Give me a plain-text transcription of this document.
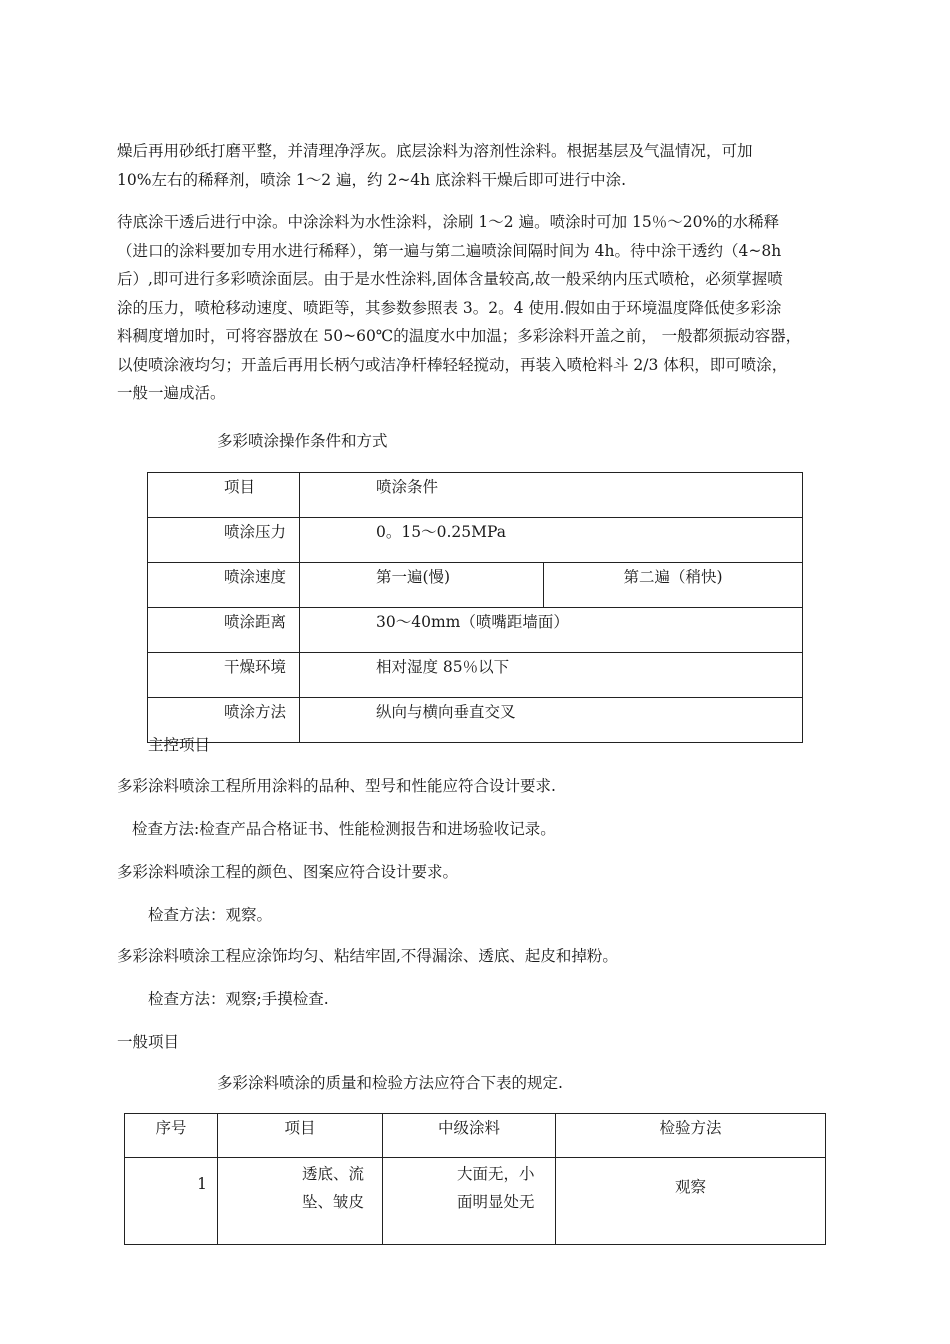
燥后再用砂纸打磨平整，并清理净浮灰。底层涂料为溶剂性涂料。根据基层及气温情况，可加
10%左右的稀释剂，喷涂 1～2 遍，约 2~4h 底涂料干燥后即可进行中涂.
待底涂干透后进行中涂。中涂涂料为水性涂料，涂刷 1～2 遍。喷涂时可加 15％～20%的水稀释
（进口的涂料要加专用水进行稀释），第一遍与第二遍喷涂间隔时间为 4h。待中涂干透约（4~8h
后）,即可进行多彩喷涂面层。由于是水性涂料,固体含量较高,故一般采纳内压式喷枪，必须掌握喷
涂的压力，喷枪移动速度、喷距等，其参数参照表 3。2。4 使用.假如由于环境温度降低使多彩涂
料稠度增加时，可将容器放在 50~60℃的温度水中加温；多彩涂料开盖之前， 一般都须振动容器，
以使喷涂液均匀；开盖后再用长柄勺或洁净杆棒轻轻搅动，再装入喷枪料斗 2/3 体积，即可喷涂，
一般一遍成活。
多彩喷涂操作条件和方式
项目	喷涂条件	
喷涂压力	0。15～0.25MPa	
喷涂速度	第一遍(慢)	第二遍（稍快)
喷涂距离	30～40mm（喷嘴距墙面）	
干燥环境	相对湿度 85％以下	
喷涂方法	纵向与横向垂直交叉	
主控项目
多彩涂料喷涂工程所用涂料的品种、型号和性能应符合设计要求.
检查方法:检查产品合格证书、性能检测报告和进场验收记录。
多彩涂料喷涂工程的颜色、图案应符合设计要求。
检查方法：观察。
多彩涂料喷涂工程应涂饰均匀、粘结牢固,不得漏涂、透底、起皮和掉粉。
检查方法：观察;手摸检查.
一般项目
多彩涂料喷涂的质量和检验方法应符合下表的规定.
序号	项目	中级涂料	检验方法
1	透底、流坠、皱皮	大面无，小面明显处无	观察
